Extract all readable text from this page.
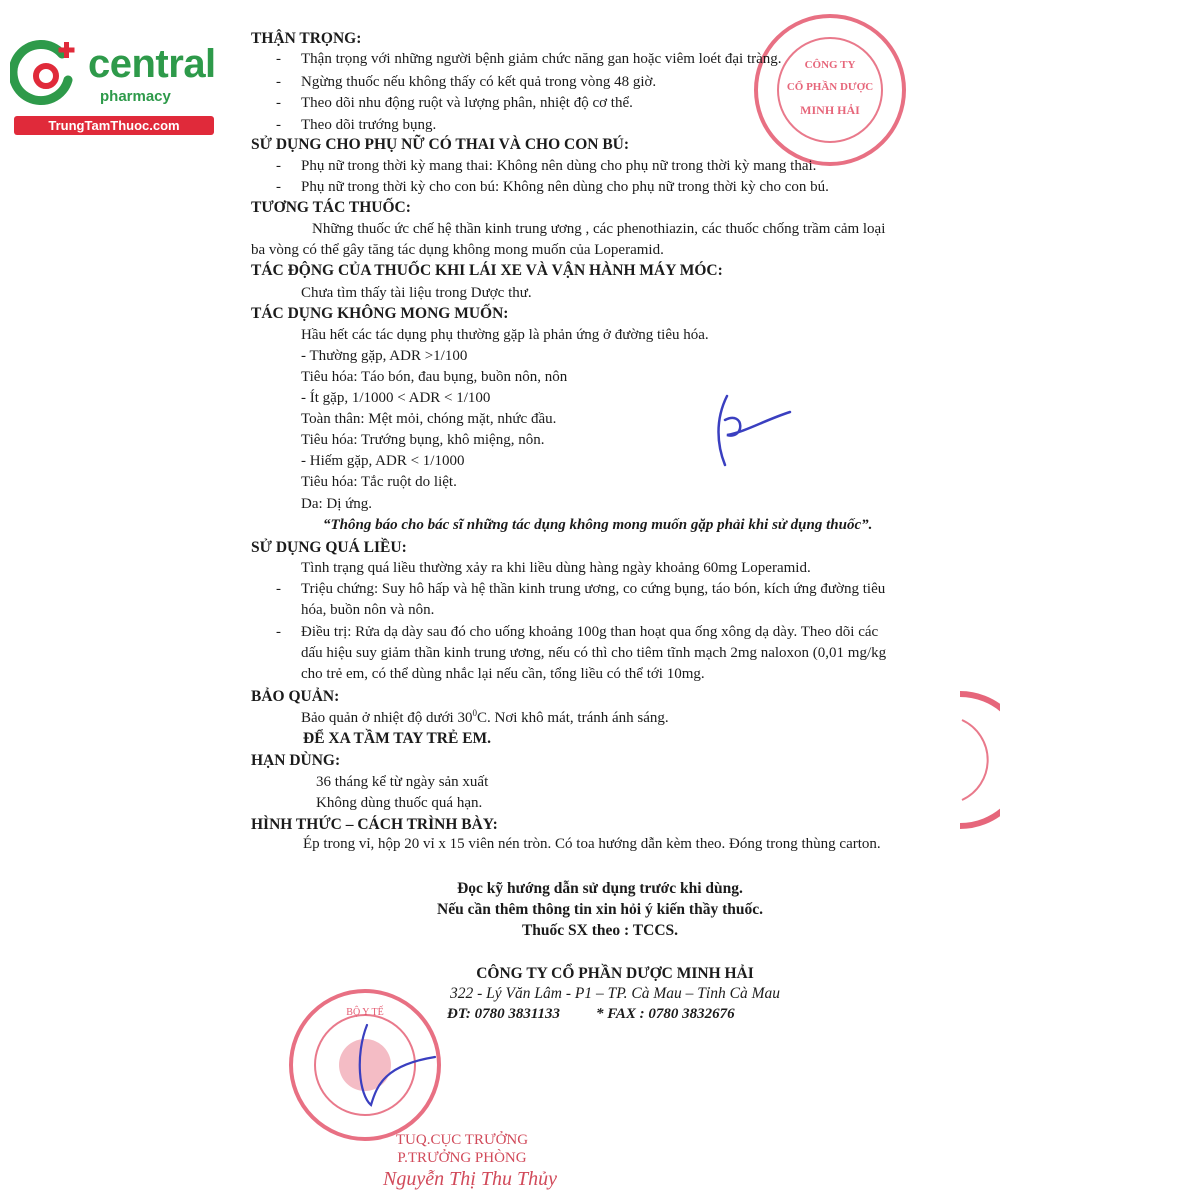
central
pharmacy
TrungTamThuoc.com
CÔNG TY
CỔ PHẦN DƯỢC
MINH HẢI
BỘ Y TẾ
THẬN TRỌNG:
- Thận trọng với những người bệnh giảm chức năng gan hoặc viêm loét đại tràng.
- Ngừng thuốc nếu không thấy có kết quả trong vòng 48 giờ.
- Theo dõi nhu động ruột và lượng phân, nhiệt độ cơ thể.
- Theo dõi trướng bụng.
SỬ DỤNG CHO PHỤ NỮ CÓ THAI VÀ CHO CON BÚ:
- Phụ nữ trong thời kỳ mang thai: Không nên dùng cho phụ nữ trong thời kỳ mang thai.
- Phụ nữ trong thời kỳ cho con bú: Không nên dùng cho phụ nữ trong thời kỳ cho con bú.
TƯƠNG TÁC THUỐC:
Những thuốc ức chế hệ thần kinh trung ương , các phenothiazin, các thuốc chống trầm cảm loại
ba vòng có thể gây tăng tác dụng không mong muốn của Loperamid.
TÁC ĐỘNG CỦA THUỐC KHI LÁI XE VÀ VẬN HÀNH MÁY MÓC:
Chưa tìm thấy tài liệu trong Dược thư.
TÁC DỤNG KHÔNG MONG MUỐN:
Hầu hết các tác dụng phụ thường gặp là phản ứng ở đường tiêu hóa.
- Thường gặp, ADR >1/100
Tiêu hóa: Táo bón, đau bụng, buồn nôn, nôn
- Ít gặp, 1/1000 < ADR < 1/100
Toàn thân: Mệt mỏi, chóng mặt, nhức đầu.
Tiêu hóa: Trướng bụng, khô miệng, nôn.
- Hiếm gặp, ADR < 1/1000
Tiêu hóa: Tắc ruột do liệt.
Da: Dị ứng.
“Thông báo cho bác sĩ những tác dụng không mong muốn gặp phải khi sử dụng thuốc”.
SỬ DỤNG QUÁ LIỀU:
Tình trạng quá liều thường xảy ra khi liều dùng hàng ngày khoảng 60mg Loperamid.
- Triệu chứng: Suy hô hấp và hệ thần kinh trung ương, co cứng bụng, táo bón, kích ứng đường tiêu
hóa, buồn nôn và nôn.
- Điều trị: Rửa dạ dày sau đó cho uống khoảng 100g than hoạt qua ống xông dạ dày. Theo dõi các
dấu hiệu suy giảm thần kinh trung ương, nếu có thì cho tiêm tĩnh mạch 2mg naloxon (0,01 mg/kg
cho trẻ em, có thể dùng nhắc lại nếu cần, tổng liều có thể tới 10mg.
BẢO QUẢN:
Bảo quản ở nhiệt độ dưới $30^0C$. Nơi khô mát, tránh ánh sáng.
ĐỂ XA TẦM TAY TRẺ EM.
HẠN DÙNG:
36 tháng kể từ ngày sản xuất
Không dùng thuốc quá hạn.
HÌNH THỨC – CÁCH TRÌNH BÀY:
Ép trong vỉ, hộp 20 vỉ x 15 viên nén tròn. Có toa hướng dẫn kèm theo. Đóng trong thùng carton.
Đọc kỹ hướng dẫn sử dụng trước khi dùng.
Nếu cần thêm thông tin xin hỏi ý kiến thầy thuốc.
Thuốc SX theo : TCCS.
CÔNG TY CỔ PHẦN DƯỢC MINH HẢI
322 - Lý Văn Lâm - P1 – TP. Cà Mau – Tỉnh Cà Mau
ĐT: 0780 3831133 * FAX : 0780 3832676
TUQ.CỤC TRƯỞNG
P.TRƯỞNG PHÒNG
Nguyễn Thị Thu Thủy
